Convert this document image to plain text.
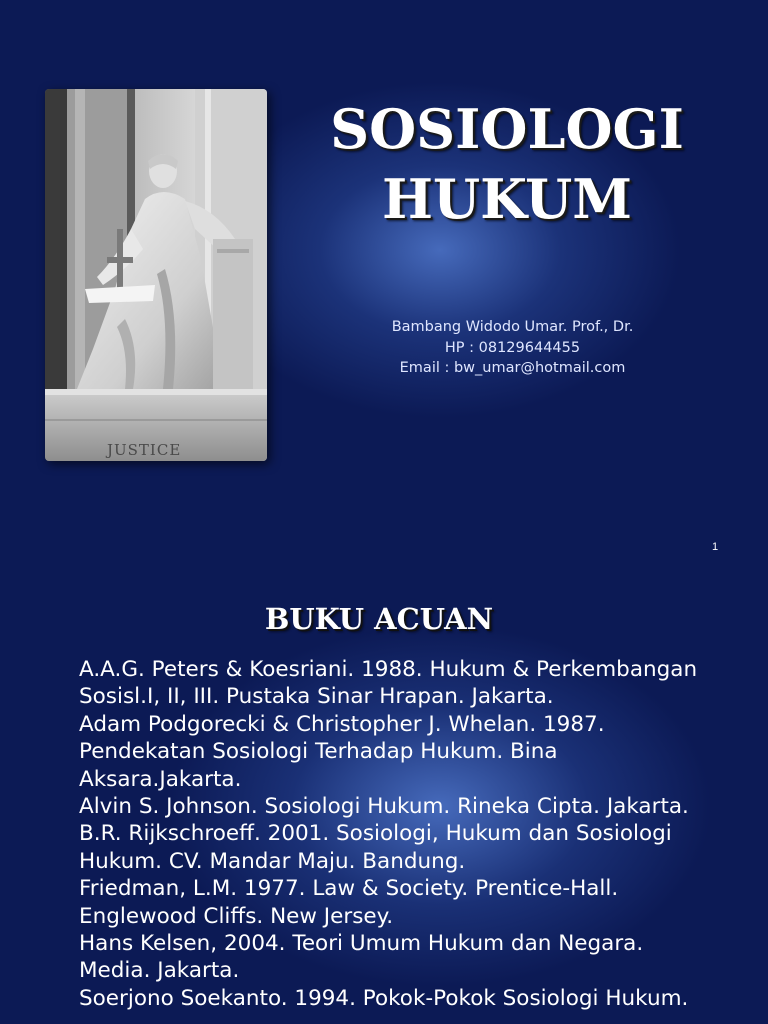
JUSTICE
SOSIOLOGI
HUKUM
Bambang Widodo Umar. Prof., Dr.
HP : 08129644455
Email : bw_umar@hotmail.com
1
BUKU ACUAN
A.A.G. Peters & Koesriani. 1988. Hukum & Perkembangan
Sosisl.I, II, III. Pustaka Sinar Hrapan. Jakarta.
Adam Podgorecki & Christopher J. Whelan. 1987.
Pendekatan Sosiologi Terhadap Hukum. Bina
Aksara.Jakarta.
Alvin S. Johnson. Sosiologi Hukum. Rineka Cipta. Jakarta.
B.R. Rijkschroeff. 2001. Sosiologi, Hukum dan Sosiologi
Hukum. CV. Mandar Maju. Bandung.
Friedman, L.M. 1977. Law & Society. Prentice-Hall.
Englewood Cliffs. New Jersey.
Hans Kelsen, 2004. Teori Umum Hukum dan Negara.
Media. Jakarta.
Soerjono Soekanto. 1994. Pokok-Pokok Sosiologi Hukum.
